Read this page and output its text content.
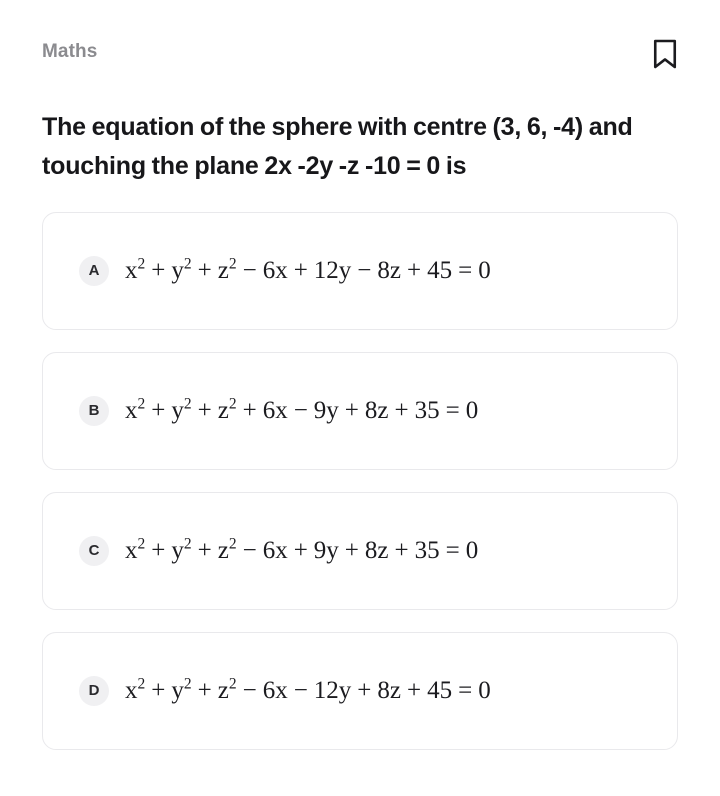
Maths
The equation of the sphere with centre (3, 6, -4) and touching the plane 2x -2y -z -10 = 0 is
A	$x^2 + y^2 + z^2 - 6x + 12y - 8z + 45 = 0$
B	$x^2 + y^2 + z^2 + 6x - 9y + 8z + 35 = 0$
C	$x^2 + y^2 + z^2 - 6x + 9y + 8z + 35 = 0$
D	$x^2 + y^2 + z^2 - 6x - 12y + 8z + 45 = 0$
